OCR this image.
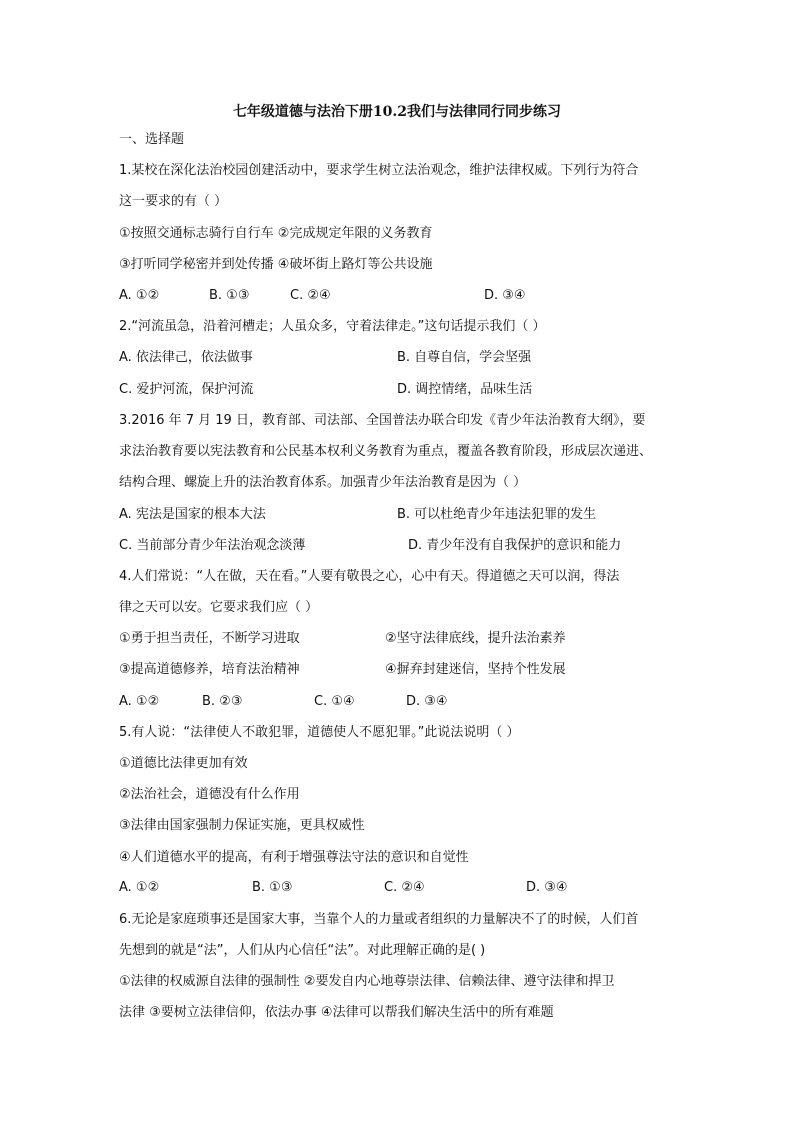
七年级道德与法治下册10.2我们与法律同行同步练习
一、选择题
1.某校在深化法治校园创建活动中，要求学生树立法治观念，维护法律权威。下列行为符合
这一要求的有（ ）
①按照交通标志骑行自行车 ②完成规定年限的义务教育
③打听同学秘密并到处传播 ④破坏街上路灯等公共设施
A. ①②	B. ①③	C. ②④	D. ③④
2.“河流虽急，沿着河槽走；人虽众多，守着法律走。”这句话提示我们（ ）
A. 依法律己，依法做事	B. 自尊自信，学会坚强
C. 爱护河流，保护河流	D. 调控情绪，品味生活
3.2016 年 7 月 19 日，教育部、司法部、全国普法办联合印发《青少年法治教育大纲》，要
求法治教育要以宪法教育和公民基本权利义务教育为重点，覆盖各教育阶段，形成层次递进、
结构合理、螺旋上升的法治教育体系。加强青少年法治教育是因为（ ）
A. 宪法是国家的根本大法	B. 可以杜绝青少年违法犯罪的发生
C. 当前部分青少年法治观念淡薄	D. 青少年没有自我保护的意识和能力
4.人们常说：“人在做，天在看。”人要有敬畏之心，心中有天。得道德之天可以润，得法
律之天可以安。它要求我们应（ ）
①勇于担当责任，不断学习进取	②坚守法律底线，提升法治素养
③提高道德修养，培育法治精神	④摒弃封建迷信，坚持个性发展
A. ①②	B. ②③	C. ①④	D. ③④
5.有人说：“法律使人不敢犯罪，道德使人不愿犯罪。”此说法说明（ ）
①道德比法律更加有效
②法治社会，道德没有什么作用
③法律由国家强制力保证实施，更具权威性
④人们道德水平的提高，有利于增强尊法守法的意识和自觉性
A. ①②	B. ①③	C. ②④	D. ③④
6.无论是家庭琐事还是国家大事，当靠个人的力量或者组织的力量解决不了的时候，人们首
先想到的就是“法”，人们从内心信任“法”。对此理解正确的是( )
①法律的权威源自法律的强制性 ②要发自内心地尊崇法律、信赖法律、遵守法律和捍卫
法律 ③要树立法律信仰，依法办事 ④法律可以帮我们解决生活中的所有难题
